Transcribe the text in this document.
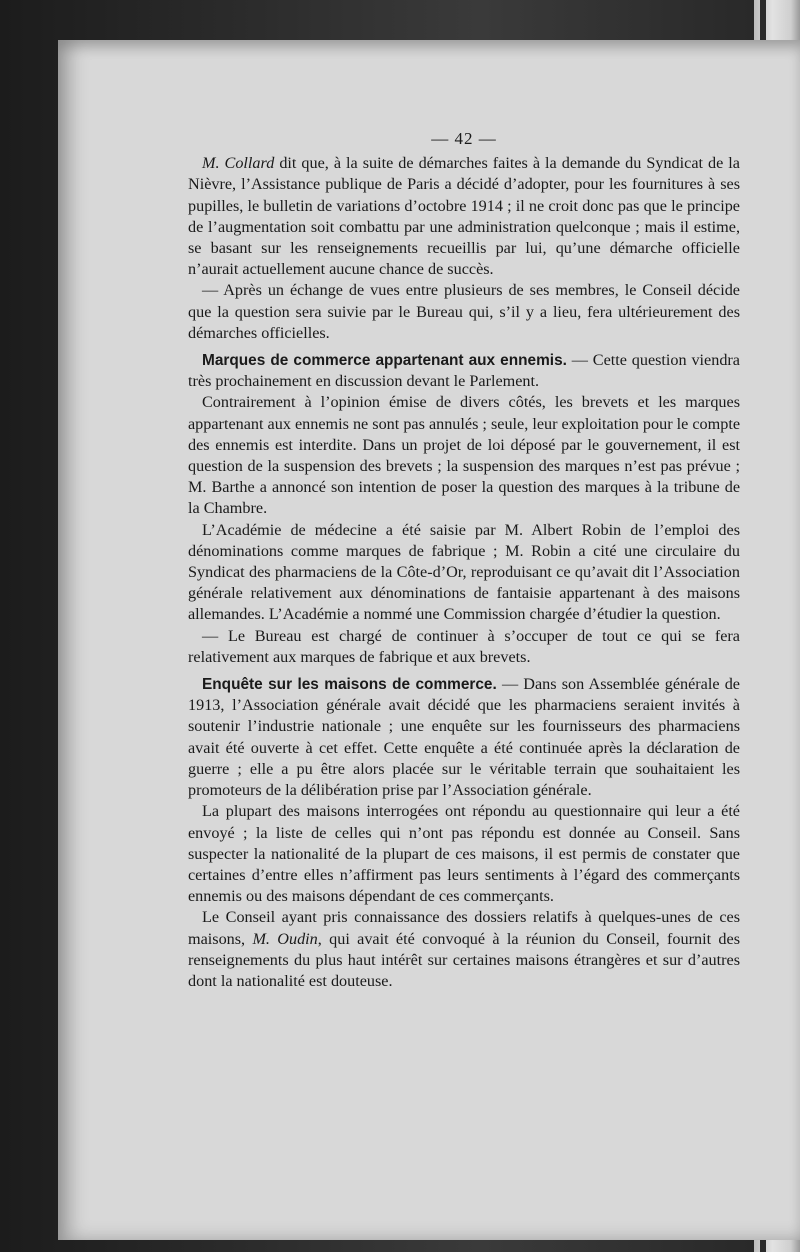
— 42 —

M. Collard dit que, à la suite de démarches faites à la demande du Syndicat de la Nièvre, l’Assistance publique de Paris a décidé d’adopter, pour les fournitures à ses pupilles, le bulletin de variations d’octobre 1914 ; il ne croit donc pas que le principe de l’augmentation soit combattu par une administration quelconque ; mais il estime, se basant sur les renseignements recueillis par lui, qu’une démarche officielle n’aurait actuellement aucune chance de succès.

— Après un échange de vues entre plusieurs de ses membres, le Conseil décide que la question sera suivie par le Bureau qui, s’il y a lieu, fera ultérieurement des démarches officielles.

Marques de commerce appartenant aux ennemis. — Cette question viendra très prochainement en discussion devant le Parlement.

Contrairement à l’opinion émise de divers côtés, les brevets et les marques appartenant aux ennemis ne sont pas annulés ; seule, leur exploitation pour le compte des ennemis est interdite. Dans un projet de loi déposé par le gouvernement, il est question de la suspension des brevets ; la suspension des marques n’est pas prévue ; M. Barthe a annoncé son intention de poser la question des marques à la tribune de la Chambre.

L’Académie de médecine a été saisie par M. Albert Robin de l’emploi des dénominations comme marques de fabrique ; M. Robin a cité une circulaire du Syndicat des pharmaciens de la Côte-d’Or, reproduisant ce qu’avait dit l’Association générale relativement aux dénominations de fantaisie appartenant à des maisons allemandes. L’Académie a nommé une Commission chargée d’étudier la question.

— Le Bureau est chargé de continuer à s’occuper de tout ce qui se fera relativement aux marques de fabrique et aux brevets.

Enquête sur les maisons de commerce. — Dans son Assemblée générale de 1913, l’Association générale avait décidé que les pharmaciens seraient invités à soutenir l’industrie nationale ; une enquête sur les fournisseurs des pharmaciens avait été ouverte à cet effet. Cette enquête a été continuée après la déclaration de guerre ; elle a pu être alors placée sur le véritable terrain que souhaitaient les promoteurs de la délibération prise par l’Association générale.

La plupart des maisons interrogées ont répondu au questionnaire qui leur a été envoyé ; la liste de celles qui n’ont pas répondu est donnée au Conseil. Sans suspecter la nationalité de la plupart de ces maisons, il est permis de constater que certaines d’entre elles n’affirment pas leurs sentiments à l’égard des commerçants ennemis ou des maisons dépendant de ces commerçants.

Le Conseil ayant pris connaissance des dossiers relatifs à quelques-unes de ces maisons, M. Oudin, qui avait été convoqué à la réunion du Conseil, fournit des renseignements du plus haut intérêt sur certaines maisons étrangères et sur d’autres dont la nationalité est douteuse.
